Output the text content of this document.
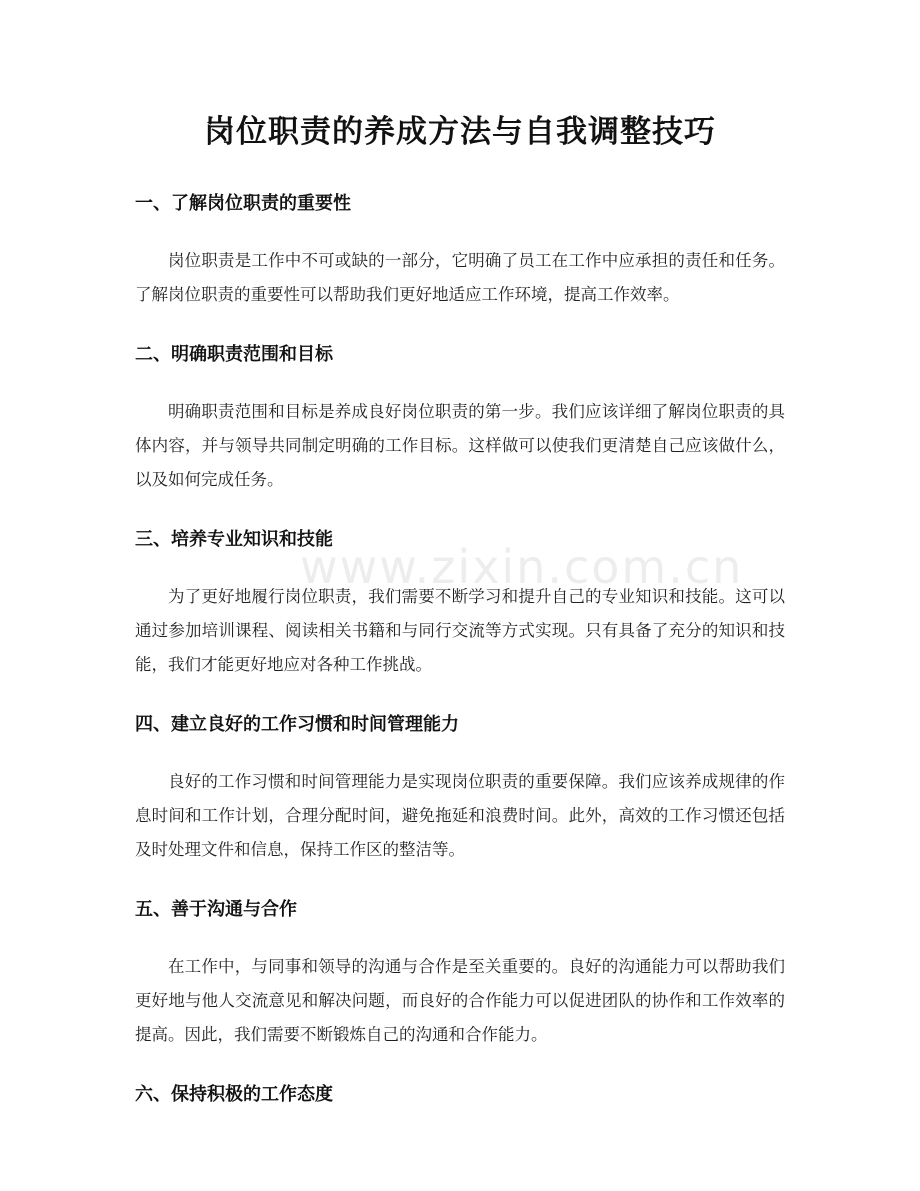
岗位职责的养成方法与自我调整技巧
一、了解岗位职责的重要性

岗位职责是工作中不可或缺的一部分，它明确了员工在工作中应承担的责任和任务。了解岗位职责的重要性可以帮助我们更好地适应工作环境，提高工作效率。

二、明确职责范围和目标

明确职责范围和目标是养成良好岗位职责的第一步。我们应该详细了解岗位职责的具体内容，并与领导共同制定明确的工作目标。这样做可以使我们更清楚自己应该做什么，以及如何完成任务。

三、培养专业知识和技能

为了更好地履行岗位职责，我们需要不断学习和提升自己的专业知识和技能。这可以通过参加培训课程、阅读相关书籍和与同行交流等方式实现。只有具备了充分的知识和技能，我们才能更好地应对各种工作挑战。

四、建立良好的工作习惯和时间管理能力

良好的工作习惯和时间管理能力是实现岗位职责的重要保障。我们应该养成规律的作息时间和工作计划，合理分配时间，避免拖延和浪费时间。此外，高效的工作习惯还包括及时处理文件和信息，保持工作区的整洁等。

五、善于沟通与合作

在工作中，与同事和领导的沟通与合作是至关重要的。良好的沟通能力可以帮助我们更好地与他人交流意见和解决问题，而良好的合作能力可以促进团队的协作和工作效率的提高。因此，我们需要不断锻炼自己的沟通和合作能力。

六、保持积极的工作态度
www.zixin.com.cn
